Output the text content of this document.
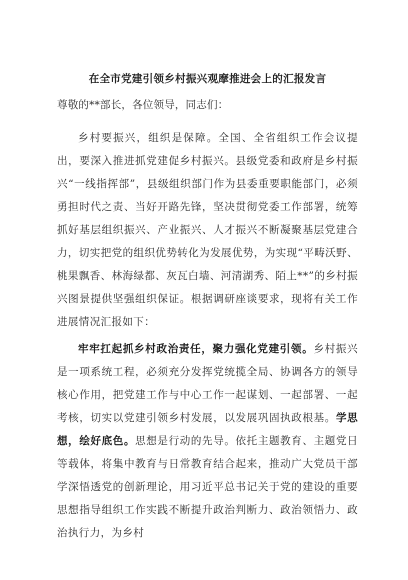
在全市党建引领乡村振兴观摩推进会上的汇报发言
尊敬的**部长，各位领导，同志们：

乡村要振兴，组织是保障。全国、全省组织工作会议提出，要深入推进抓党建促乡村振兴。县级党委和政府是乡村振兴“一线指挥部”，县级组织部门作为县委重要职能部门，必须勇担时代之责、当好开路先锋，坚决贯彻党委工作部署，统筹抓好基层组织振兴、产业振兴、人才振兴不断凝聚基层党建合力，切实把党的组织优势转化为发展优势，为实现“平畴沃野、桃果飘香、林海绿都、灰瓦白墙、河清湖秀、陌上**”的乡村振兴图景提供坚强组织保证。根据调研座谈要求，现将有关工作进展情况汇报如下：

牢牢扛起抓乡村政治责任，聚力强化党建引领。乡村振兴是一项系统工程，必须充分发挥党统揽全局、协调各方的领导核心作用，把党建工作与中心工作一起谋划、一起部署、一起考核，切实以党建引领乡村发展，以发展巩固执政根基。学思想，绘好底色。思想是行动的先导。依托主题教育、主题党日等载体，将集中教育与日常教育结合起来，推动广大党员干部学深悟透党的创新理论，用习近平总书记关于党的建设的重要思想指导组织工作实践不断提升政治判断力、政治领悟力、政治执行力，为乡村
